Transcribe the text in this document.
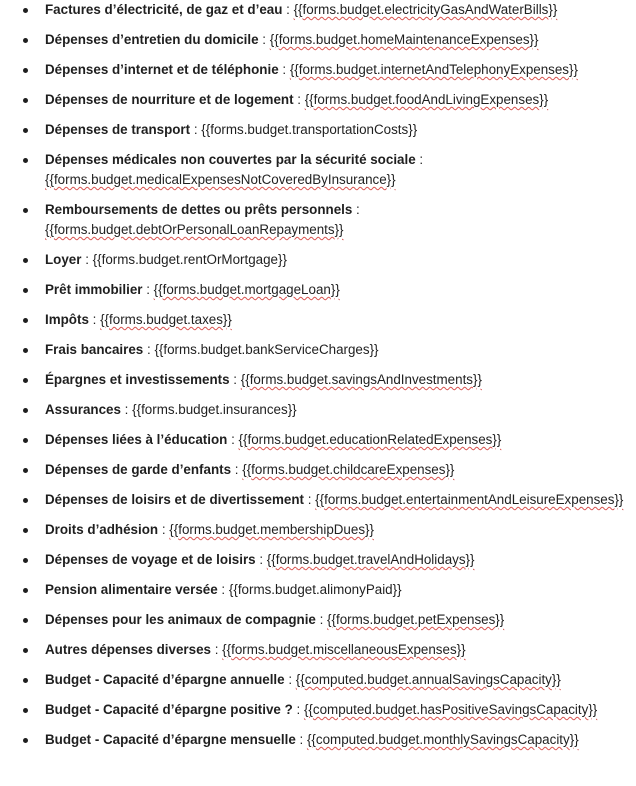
Factures d’électricité, de gaz et d’eau : {{forms.budget.electricityGasAndWaterBills}}
Dépenses d’entretien du domicile : {{forms.budget.homeMaintenanceExpenses}}
Dépenses d’internet et de téléphonie : {{forms.budget.internetAndTelephonyExpenses}}
Dépenses de nourriture et de logement : {{forms.budget.foodAndLivingExpenses}}
Dépenses de transport : {{forms.budget.transportationCosts}}
Dépenses médicales non couvertes par la sécurité sociale : {{forms.budget.medicalExpensesNotCoveredByInsurance}}
Remboursements de dettes ou prêts personnels : {{forms.budget.debtOrPersonalLoanRepayments}}
Loyer : {{forms.budget.rentOrMortgage}}
Prêt immobilier : {{forms.budget.mortgageLoan}}
Impôts : {{forms.budget.taxes}}
Frais bancaires : {{forms.budget.bankServiceCharges}}
Épargnes et investissements : {{forms.budget.savingsAndInvestments}}
Assurances : {{forms.budget.insurances}}
Dépenses liées à l’éducation : {{forms.budget.educationRelatedExpenses}}
Dépenses de garde d’enfants : {{forms.budget.childcareExpenses}}
Dépenses de loisirs et de divertissement : {{forms.budget.entertainmentAndLeisureExpenses}}
Droits d’adhésion : {{forms.budget.membershipDues}}
Dépenses de voyage et de loisirs : {{forms.budget.travelAndHolidays}}
Pension alimentaire versée : {{forms.budget.alimonyPaid}}
Dépenses pour les animaux de compagnie : {{forms.budget.petExpenses}}
Autres dépenses diverses : {{forms.budget.miscellaneousExpenses}}
Budget - Capacité d’épargne annuelle : {{computed.budget.annualSavingsCapacity}}
Budget - Capacité d’épargne positive ? : {{computed.budget.hasPositiveSavingsCapacity}}
Budget - Capacité d’épargne mensuelle : {{computed.budget.monthlySavingsCapacity}}
